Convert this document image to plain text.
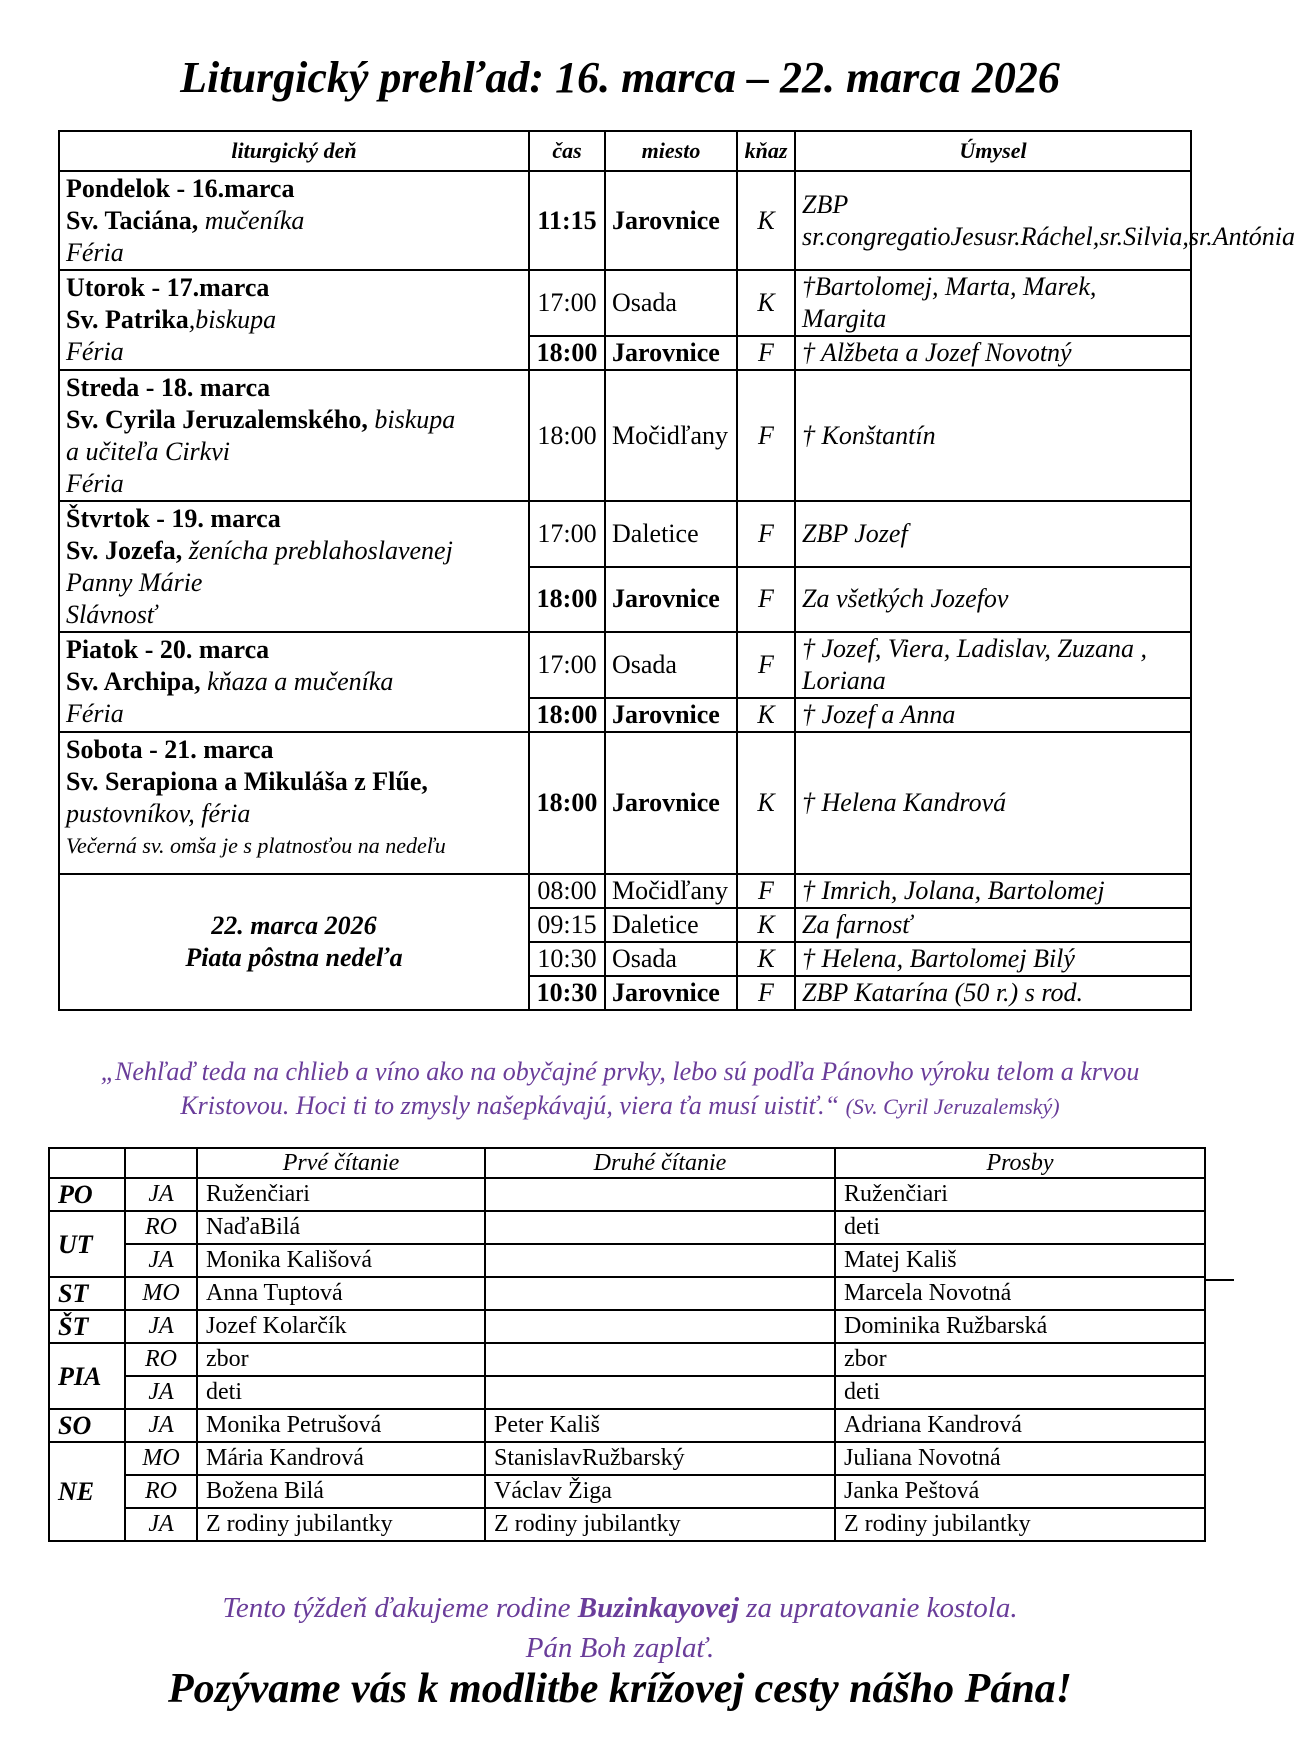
Liturgický prehľad: 16. marca – 22. marca 2026
liturgický deň	čas	miesto	kňaz	Úmysel

Pondelok - 16.marca
Sv. Taciána, mučeníka
Féria	11:15	Jarovnice	K	ZBP sr.congregatioJesusr.Ráchel,sr.Silvia,sr.Antónia

Utorok - 17.marca
Sv. Patrika,biskupa
Féria	17:00	Osada	K	†Bartolomej, Marta, Marek, Margita
	18:00	Jarovnice	F	† Alžbeta a Jozef Novotný

Streda - 18. marca
Sv. Cyrila Jeruzalemského, biskupa
a učiteľa Cirkvi
Féria	18:00	Močidľany	F	† Konštantín

Štvrtok - 19. marca
Sv. Jozefa, ženícha preblahoslavenej
Panny Márie
Slávnosť	17:00	Daletice	F	ZBP Jozef
	18:00	Jarovnice	F	Za všetkých Jozefov

Piatok - 20. marca
Sv. Archipa, kňaza a mučeníka
Féria	17:00	Osada	F	† Jozef, Viera, Ladislav, Zuzana , Loriana
	18:00	Jarovnice	K	† Jozef a Anna

Sobota - 21. marca
Sv. Serapiona a Mikuláša z Flűe,
pustovníkov, féria
Večerná sv. omša je s platnosťou na nedeľu	18:00	Jarovnice	K	† Helena Kandrová

22. marca 2026
Piata pôstna nedeľa	08:00	Močidľany	F	† Imrich, Jolana, Bartolomej
	09:15	Daletice	K	Za farnosť
	10:30	Osada	K	† Helena, Bartolomej Bilý
	10:30	Jarovnice	F	ZBP Katarína (50 r.) s rod.
„Nehľaď teda na chlieb a víno ako na obyčajné prvky, lebo sú podľa Pánovho výroku telom a krvou Kristovou. Hoci ti to zmysly našepkávajú, viera ťa musí uistiť.“ (Sv. Cyril Jeruzalemský)
		Prvé čítanie	Druhé čítanie	Prosby
PO	JA	Ruženčiari		Ruženčiari
UT	RO	NaďaBilá		deti
	JA	Monika Kališová		Matej Kališ
ST	MO	Anna Tuptová		Marcela Novotná
ŠT	JA	Jozef Kolarčík		Dominika Ružbarská
PIA	RO	zbor		zbor
	JA	deti		deti
SO	JA	Monika Petrušová	Peter Kališ	Adriana Kandrová
NE	MO	Mária Kandrová	StanislavRužbarský	Juliana Novotná
	RO	Božena Bilá	Václav Žiga	Janka Peštová
	JA	Z rodiny jubilantky	Z rodiny jubilantky	Z rodiny jubilantky
Tento týždeň ďakujeme rodine Buzinkayovej za upratovanie kostola.
Pán Boh zaplať.
Pozývame vás k modlitbe krížovej cesty nášho Pána!
